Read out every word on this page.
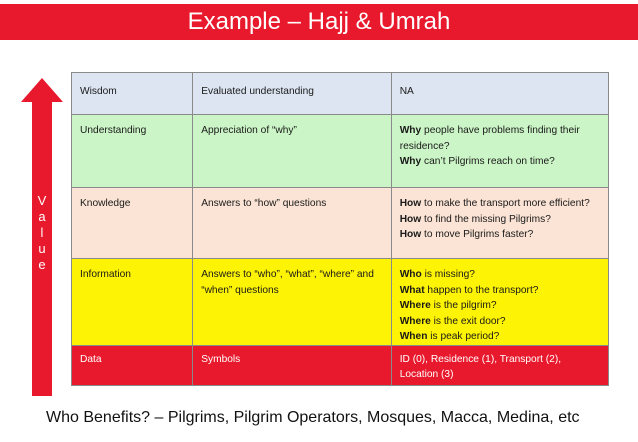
Example – Hajj & Umrah
V
a
l
u
e
Wisdom	Evaluated understanding	NA

Understanding	Appreciation of “why”	Why people have problems finding their residence?
Why can’t Pilgrims reach on time?

Knowledge	Answers to “how” questions	How to make the transport more efficient?
How to find the missing Pilgrims?
How to move Pilgrims faster?

Information	Answers to “who”, “what”, “where” and “when” questions	Who is missing?
What happen to the transport?
Where is the pilgrim?
Where is the exit door?
When is peak period?

Data	Symbols	ID (0), Residence (1), Transport (2), Location (3)
Who Benefits? – Pilgrims, Pilgrim Operators, Mosques, Macca, Medina, etc
